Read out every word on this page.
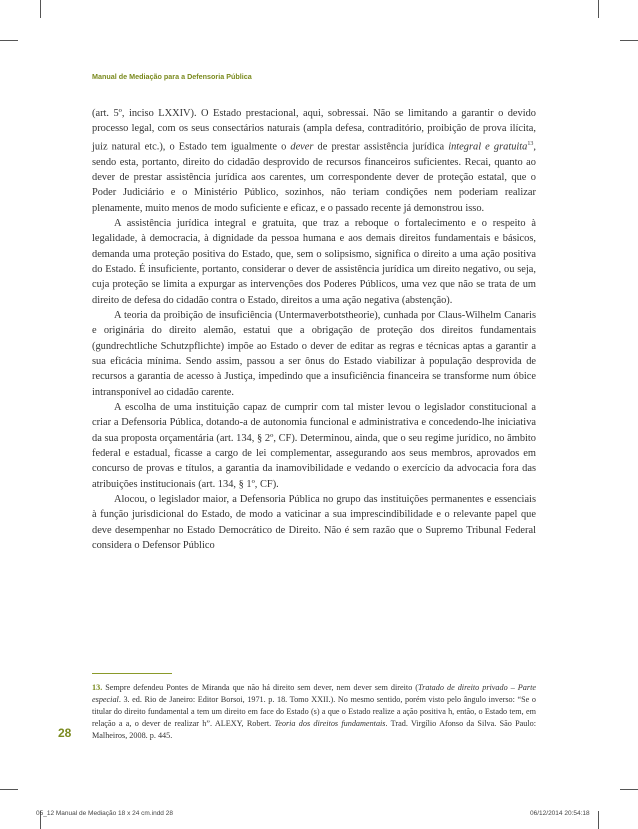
Manual de Mediação para a Defensoria Pública

(art. 5º, inciso LXXIV). O Estado prestacional, aqui, sobressai. Não se limitando a garantir o devido processo legal, com os seus consectários naturais (ampla defesa, contraditório, proibição de prova ilícita, juiz natural etc.), o Estado tem igualmente o dever de prestar assistência jurídica integral e gratuita$^{13}$, sendo esta, portanto, direito do cidadão desprovido de recursos financeiros suficientes. Recai, quanto ao dever de prestar assistência jurídica aos carentes, um correspondente dever de proteção estatal, que o Poder Judiciário e o Ministério Público, sozinhos, não teriam condições nem poderiam realizar plenamente, muito menos de modo suficiente e eficaz, e o passado recente já demonstrou isso.

A assistência jurídica integral e gratuita, que traz a reboque o fortalecimento e o respeito à legalidade, à democracia, à dignidade da pessoa humana e aos demais direitos fundamentais e básicos, demanda uma proteção positiva do Estado, que, sem o solipsismo, significa o direito a uma ação positiva do Estado. É insuficiente, portanto, considerar o dever de assistência jurídica um direito negativo, ou seja, cuja proteção se limita a expurgar as intervenções dos Poderes Públicos, uma vez que não se trata de um direito de defesa do cidadão contra o Estado, direitos a uma ação negativa (abstenção).

A teoria da proibição de insuficiência (Untermaverbotstheorie), cunhada por Claus-Wilhelm Canaris e originária do direito alemão, estatui que a obrigação de proteção dos direitos fundamentais (gundrechtliche Schutzpflichte) impõe ao Estado o dever de editar as regras e técnicas aptas a garantir a sua eficácia mínima. Sendo assim, passou a ser ônus do Estado viabilizar à população desprovida de recursos a garantia de acesso à Justiça, impedindo que a insuficiência financeira se transforme num óbice intransponível ao cidadão carente.

A escolha de uma instituição capaz de cumprir com tal mister levou o legislador constitucional a criar a Defensoria Pública, dotando-a de autonomia funcional e administrativa e concedendo-lhe iniciativa da sua proposta orçamentária (art. 134, § 2º, CF). Determinou, ainda, que o seu regime jurídico, no âmbito federal e estadual, ficasse a cargo de lei complementar, assegurando aos seus membros, aprovados em concurso de provas e títulos, a garantia da inamovibilidade e vedando o exercício da advocacia fora das atribuições institucionais (art. 134, § 1º, CF).

Alocou, o legislador maior, a Defensoria Pública no grupo das instituições permanentes e essenciais à função jurisdicional do Estado, de modo a vaticinar a sua imprescindibilidade e o relevante papel que deve desempenhar no Estado Democrático de Direito. Não é sem razão que o Supremo Tribunal Federal considera o Defensor Público

13. Sempre defendeu Pontes de Miranda que não há direito sem dever, nem dever sem direito (Tratado de direito privado – Parte especial. 3. ed. Rio de Janeiro: Editor Borsoi, 1971. p. 18. Tomo XXII.). No mesmo sentido, porém visto pelo ângulo inverso: “Se o titular do direito fundamental a tem um direito em face do Estado (s) a que o Estado realize a ação positiva h, então, o Estado tem, em relação a a, o dever de realizar h”. ALEXY, Robert. Teoria dos direitos fundamentais. Trad. Virgílio Afonso da Silva. São Paulo: Malheiros, 2008. p. 445.
28
05_12 Manual de Mediação 18 x 24 cm.indd 28	06/12/2014 20:54:18
